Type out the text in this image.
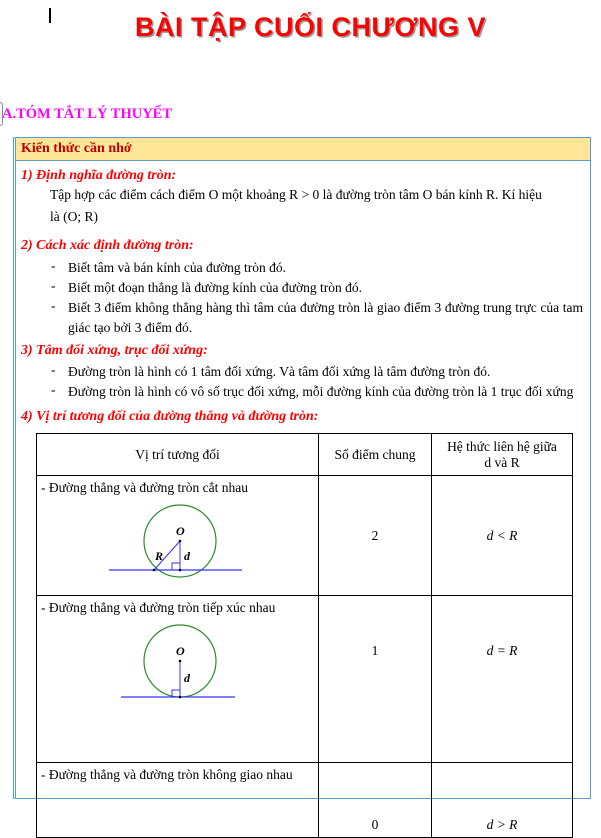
BÀI TẬP CUỐI CHƯƠNG V
A.TÓM TẮT LÝ THUYẾT
Kiến thức cần nhớ
1) Định nghĩa đường tròn:
Tập hợp các điểm cách điểm O một khoảng R > 0 là đường tròn tâm O bán kính R. Kí hiệu
là (O; R)
2) Cách xác định đường tròn:
- Biết tâm và bán kính của đường tròn đó.
- Biết một đoạn thẳng là đường kính của đường tròn đó.
- Biết 3 điểm không thẳng hàng thì tâm của đường tròn là giao điểm 3 đường trung trực của tam giác tạo bởi 3 điểm đó.
3) Tâm đối xứng, trục đối xứng:
- Đường tròn là hình có 1 tâm đối xứng. Và tâm đối xứng là tâm đường tròn đó.
- Đường tròn là hình có vô số trục đối xứng, mỗi đường kính của đường tròn là 1 trục đối xứng
4) Vị trí tương đối của đường thẳng và đường tròn:
Vị trí tương đối	Số điểm chung	Hệ thức liên hệ giữa
d và R

- Đường thẳng và đường tròn cắt nhau
O
R d	2	d < R

- Đường thẳng và đường tròn tiếp xúc nhau
O
d	1	d = R

- Đường thẳng và đường tròn không giao nhau	0	d > R
